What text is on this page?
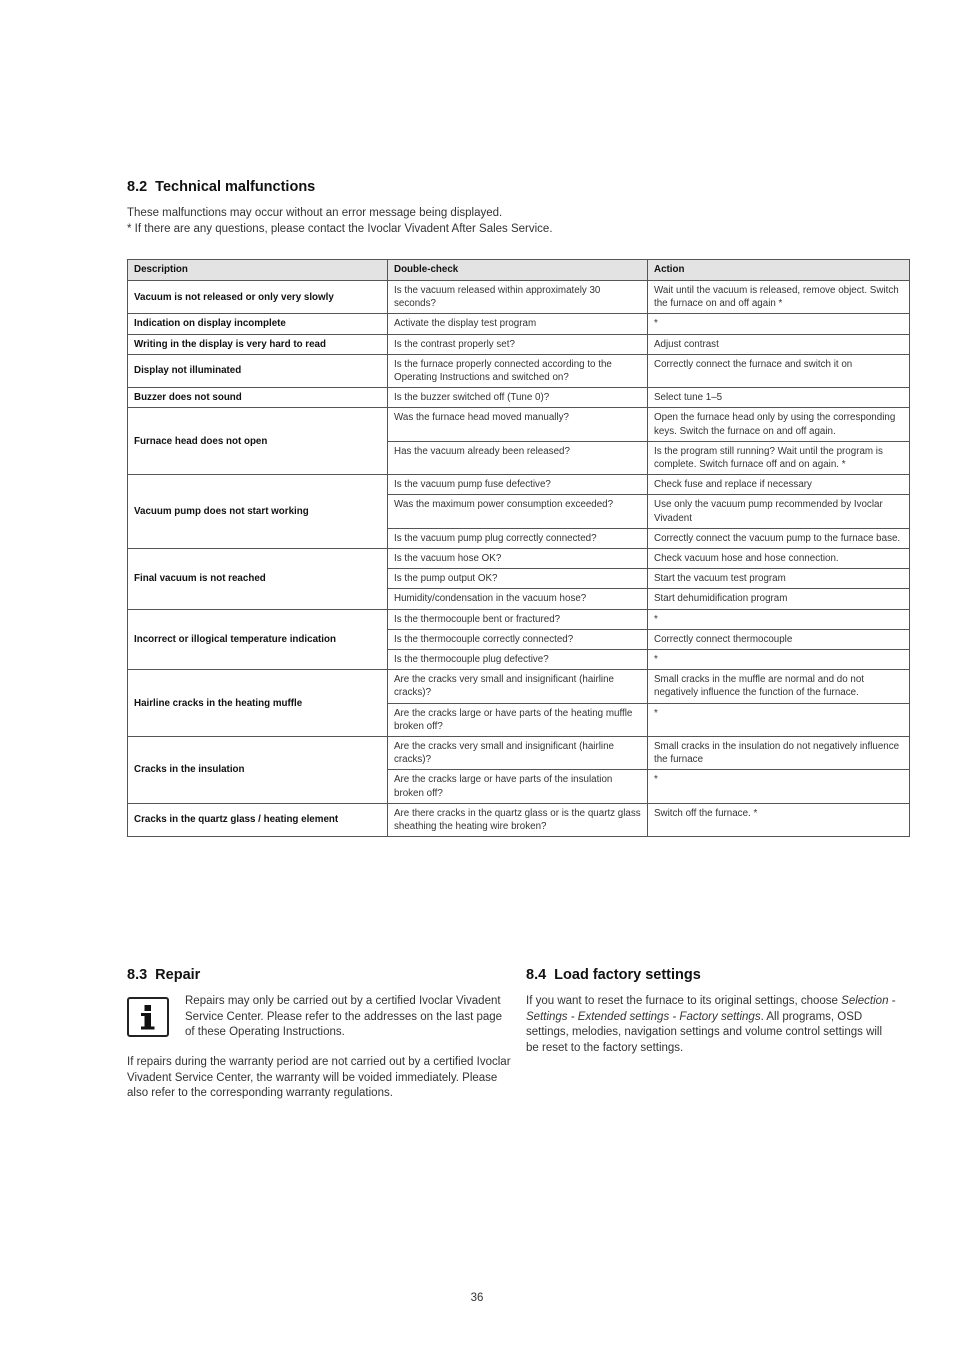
8.2 Technical malfunctions

These malfunctions may occur without an error message being displayed.
* If there are any questions, please contact the Ivoclar Vivadent After Sales Service.

Description	Double-check	Action
Vacuum is not released or only very slowly	Is the vacuum released within approximately 30 seconds?	Wait until the vacuum is released, remove object. Switch the furnace on and off again *
Indication on display incomplete	Activate the display test program	*
Writing in the display is very hard to read	Is the contrast properly set?	Adjust contrast
Display not illuminated	Is the furnace properly connected according to the Operating Instructions and switched on?	Correctly connect the furnace and switch it on
Buzzer does not sound	Is the buzzer switched off (Tune 0)?	Select tune 1–5
Furnace head does not open	Was the furnace head moved manually?	Open the furnace head only by using the corresponding keys. Switch the furnace on and off again.
	Has the vacuum already been released?	Is the program still running? Wait until the program is complete. Switch furnace off and on again. *
Vacuum pump does not start working	Is the vacuum pump fuse defective?	Check fuse and replace if necessary
	Was the maximum power consumption exceeded?	Use only the vacuum pump recommended by Ivoclar Vivadent
	Is the vacuum pump plug correctly connected?	Correctly connect the vacuum pump to the furnace base.
Final vacuum is not reached	Is the vacuum hose OK?	Check vacuum hose and hose connection.
	Is the pump output OK?	Start the vacuum test program
	Humidity/condensation in the vacuum hose?	Start dehumidification program
Incorrect or illogical temperature indication	Is the thermocouple bent or fractured?	*
	Is the thermocouple correctly connected?	Correctly connect thermocouple
	Is the thermocouple plug defective?	*
Hairline cracks in the heating muffle	Are the cracks very small and insignificant (hairline cracks)?	Small cracks in the muffle are normal and do not negatively influence the function of the furnace.
	Are the cracks large or have parts of the heating muffle broken off?	*
Cracks in the insulation	Are the cracks very small and insignificant (hairline cracks)?	Small cracks in the insulation do not negatively influence the furnace
	Are the cracks large or have parts of the insulation broken off?	*
Cracks in the quartz glass / heating element	Are there cracks in the quartz glass or is the quartz glass sheathing the heating wire broken?	Switch off the furnace. *
8.3 Repair

Repairs may only be carried out by a certified Ivoclar Vivadent Service Center. Please refer to the addresses on the last page of these Operating Instructions.

If repairs during the warranty period are not carried out by a certified Ivoclar Vivadent Service Center, the warranty will be voided immediately. Please also refer to the corresponding warranty regulations.

8.4 Load factory settings

If you want to reset the furnace to its original settings, choose Selection - Settings - Extended settings - Factory settings. All programs, OSD settings, melodies, navigation settings and volume control settings will be reset to the factory settings.

36
